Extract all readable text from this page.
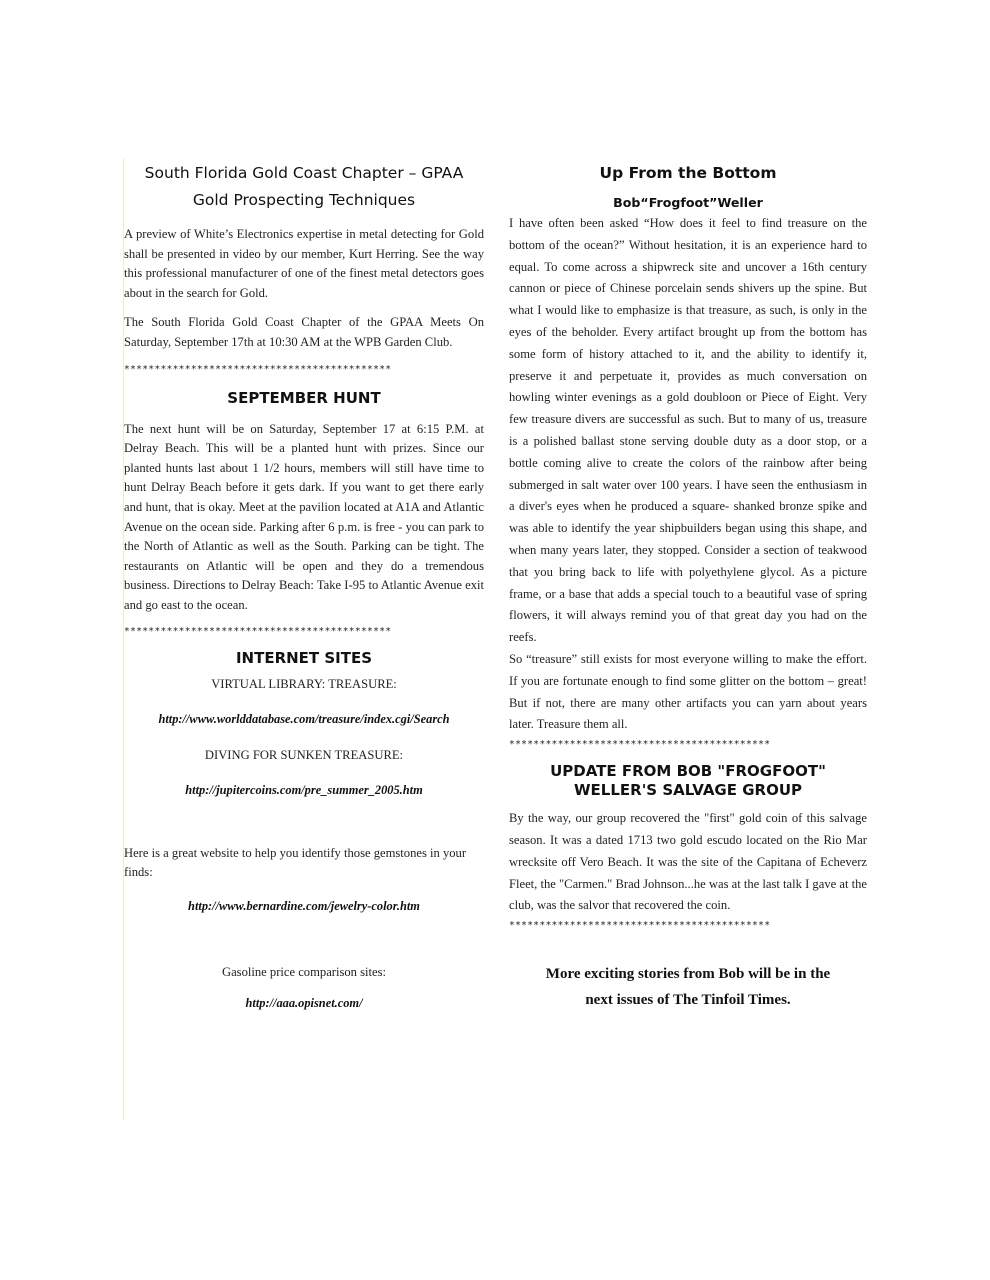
South Florida Gold Coast Chapter – GPAA
Gold Prospecting Techniques

A preview of White’s Electronics expertise in metal detecting for Gold shall be presented in video by our member, Kurt Herring. See the way this professional manufacturer of one of the finest metal detectors goes about in the search for Gold.

The South Florida Gold Coast Chapter of the GPAA Meets On Saturday, September 17th at 10:30 AM at the WPB Garden Club.

********************************************

SEPTEMBER HUNT

The next hunt will be on Saturday, September 17 at 6:15 P.M. at Delray Beach. This will be a planted hunt with prizes. Since our planted hunts last about 1 1/2 hours, members will still have time to hunt Delray Beach before it gets dark. If you want to get there early and hunt, that is okay. Meet at the pavilion located at A1A and Atlantic Avenue on the ocean side. Parking after 6 p.m. is free - you can park to the North of Atlantic as well as the South. Parking can be tight. The restaurants on Atlantic will be open and they do a tremendous business. Directions to Delray Beach: Take I-95 to Atlantic Avenue exit and go east to the ocean.

********************************************

INTERNET SITES

VIRTUAL LIBRARY: TREASURE:

http://www.worlddatabase.com/treasure/index.cgi/Search

DIVING FOR SUNKEN TREASURE:

http://jupitercoins.com/pre_summer_2005.htm

Here is a great website to help you identify those gemstones in your finds:

http://www.bernardine.com/jewelry-color.htm

Gasoline price comparison sites:

http://aaa.opisnet.com/

Up From the Bottom

Bob“Frogfoot”Weller

I have often been asked “How does it feel to find treasure on the bottom of the ocean?” Without hesitation, it is an experience hard to equal. To come across a shipwreck site and uncover a 16th century cannon or piece of Chinese porcelain sends shivers up the spine. But what I would like to emphasize is that treasure, as such, is only in the eyes of the beholder. Every artifact brought up from the bottom has some form of history attached to it, and the ability to identify it, preserve it and perpetuate it, provides as much conversation on howling winter evenings as a gold doubloon or Piece of Eight. Very few treasure divers are successful as such. But to many of us, treasure is a polished ballast stone serving double duty as a door stop, or a bottle coming alive to create the colors of the rainbow after being submerged in salt water over 100 years. I have seen the enthusiasm in a diver's eyes when he produced a square- shanked bronze spike and was able to identify the year shipbuilders began using this shape, and when many years later, they stopped. Consider a section of teakwood that you bring back to life with polyethylene glycol. As a picture frame, or a base that adds a special touch to a beautiful vase of spring flowers, it will always remind you of that great day you had on the reefs.

So “treasure” still exists for most everyone willing to make the effort. If you are fortunate enough to find some glitter on the bottom – great! But if not, there are many other artifacts you can yarn about years later. Treasure them all.

*******************************************

UPDATE FROM BOB "FROGFOOT"
WELLER'S SALVAGE GROUP

By the way, our group recovered the "first" gold coin of this salvage season. It was a dated 1713 two gold escudo located on the Rio Mar wrecksite off Vero Beach. It was the site of the Capitana of Echeverz Fleet, the "Carmen." Brad Johnson...he was at the last talk I gave at the club, was the salvor that recovered the coin.

*******************************************

More exciting stories from Bob will be in the

next issues of The Tinfoil Times.
